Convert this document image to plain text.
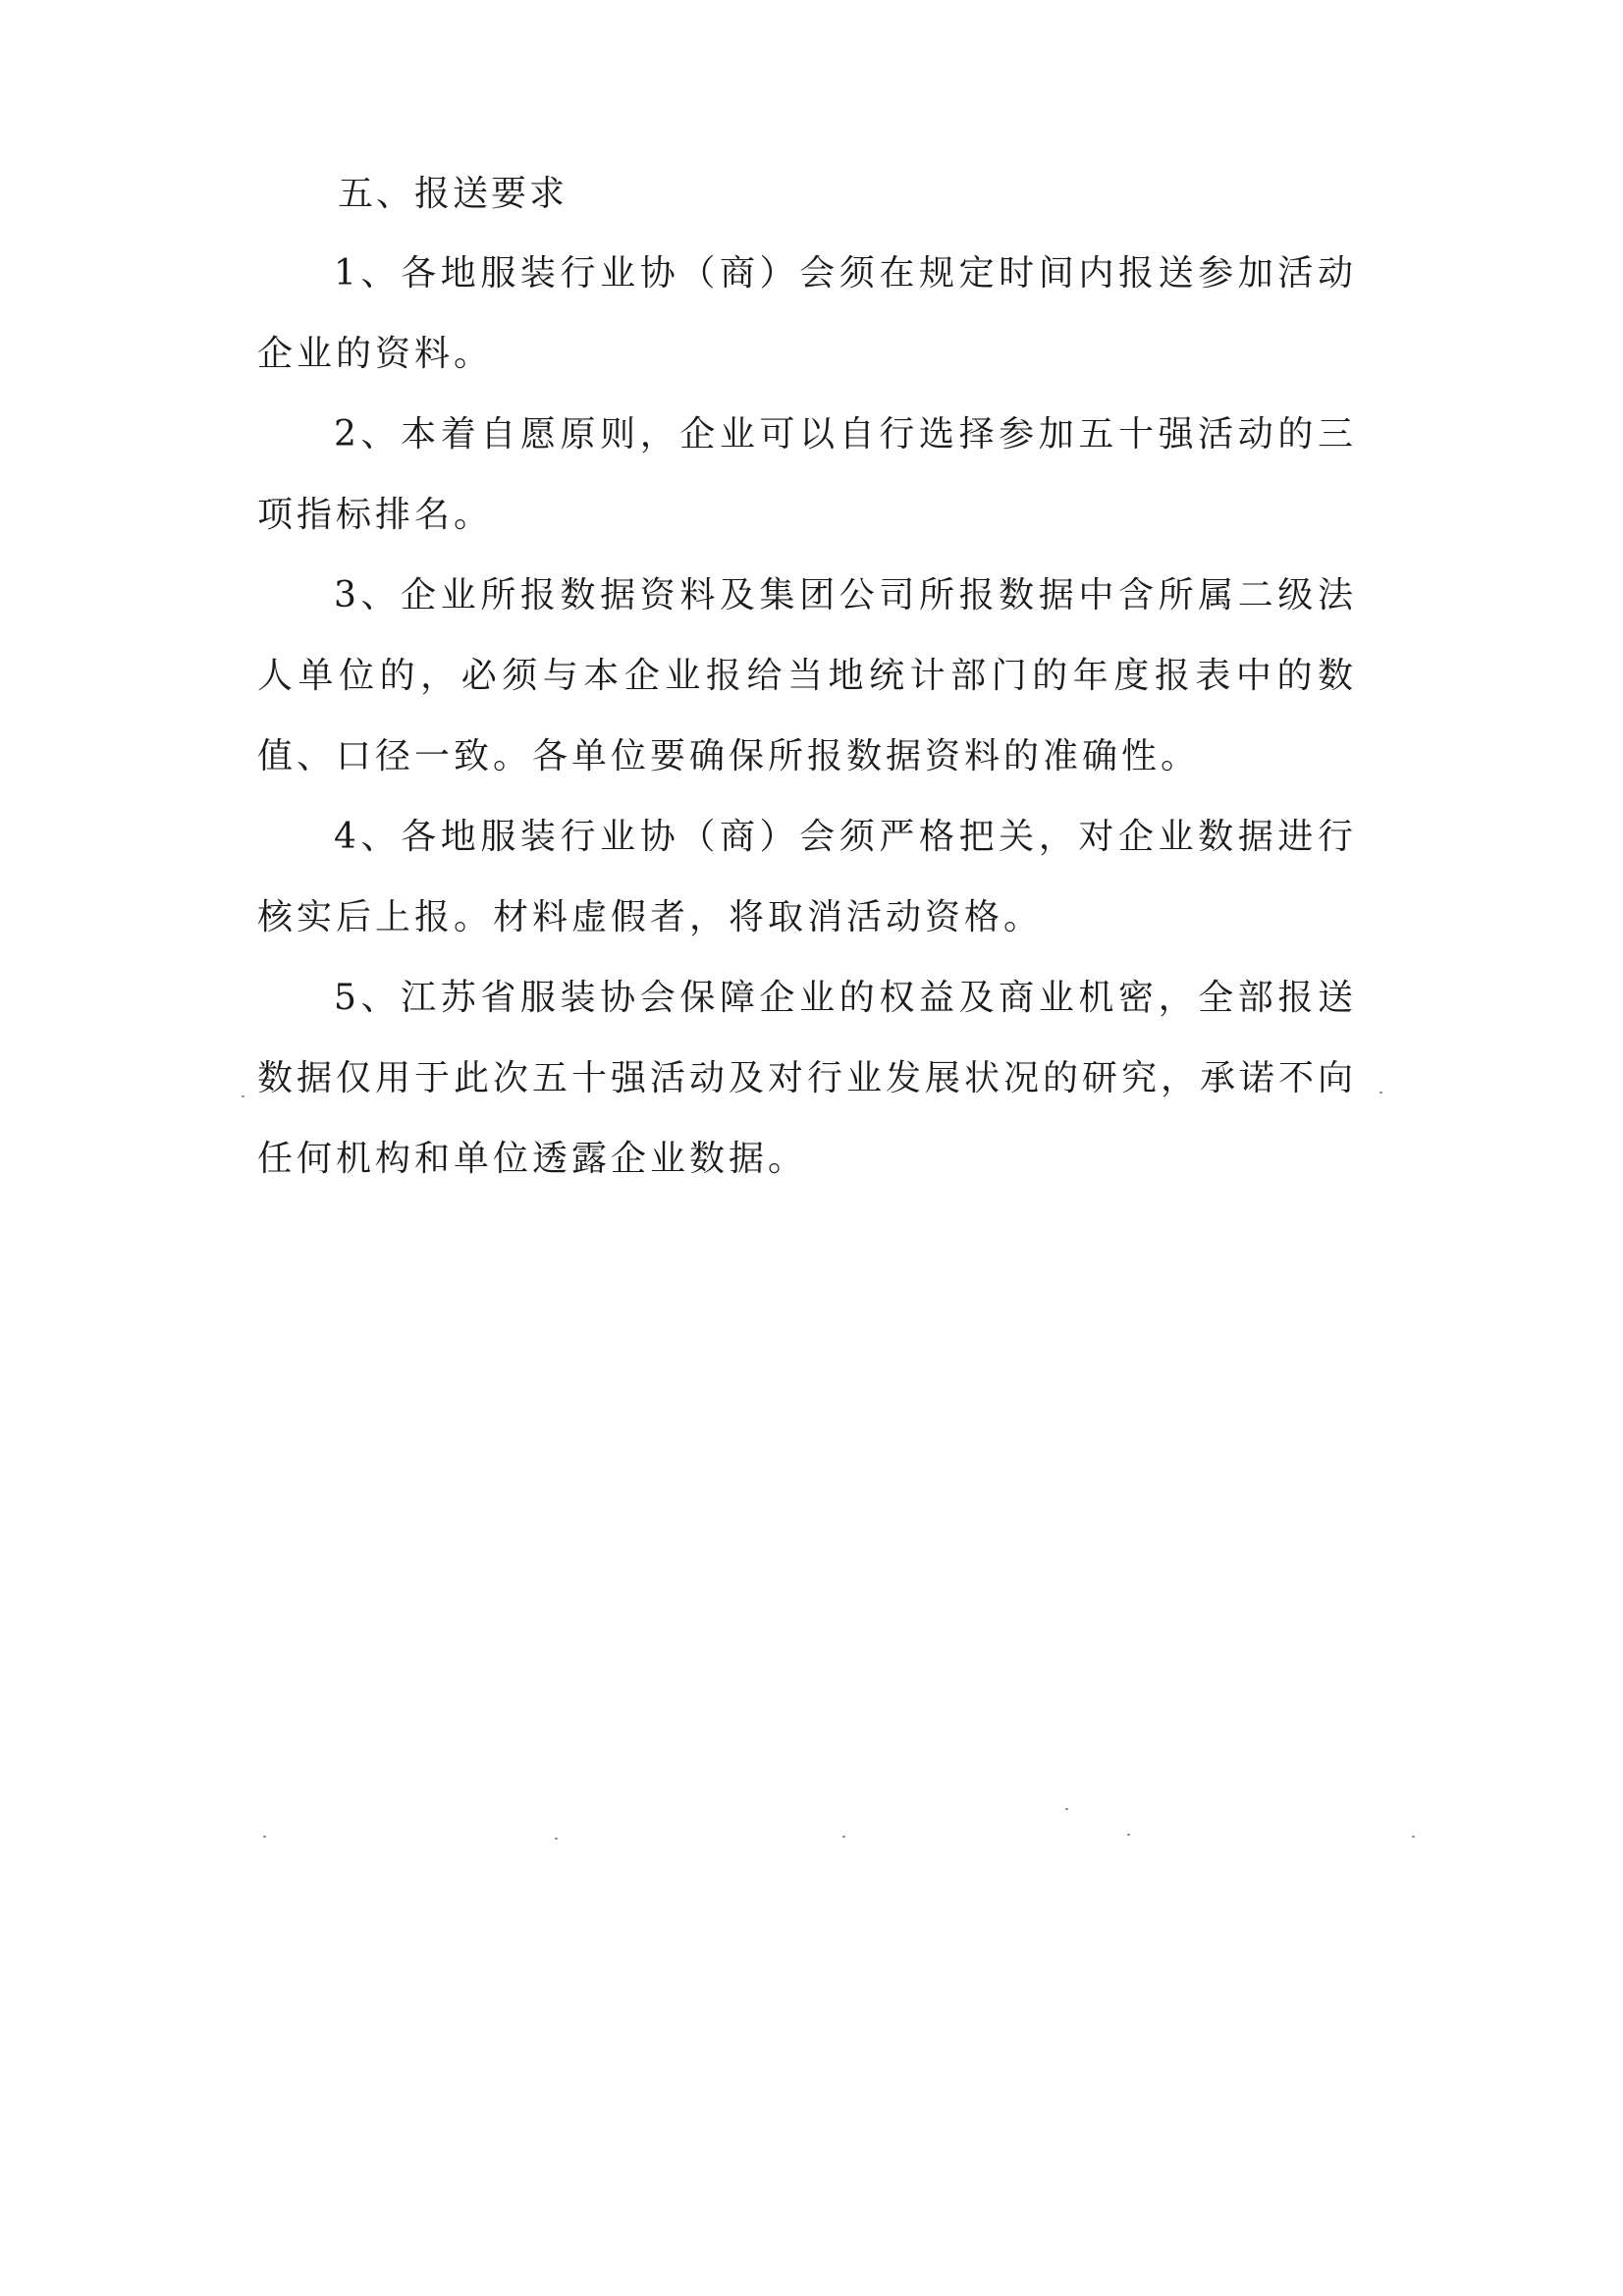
五、报送要求

1、各地服装行业协（商）会须在规定时间内报送参加活动企业的资料。

2、本着自愿原则，企业可以自行选择参加五十强活动的三项指标排名。

3、企业所报数据资料及集团公司所报数据中含所属二级法人单位的，必须与本企业报给当地统计部门的年度报表中的数值、口径一致。各单位要确保所报数据资料的准确性。

4、各地服装行业协（商）会须严格把关，对企业数据进行核实后上报。材料虚假者，将取消活动资格。

5、江苏省服装协会保障企业的权益及商业机密，全部报送数据仅用于此次五十强活动及对行业发展状况的研究，承诺不向任何机构和单位透露企业数据。
